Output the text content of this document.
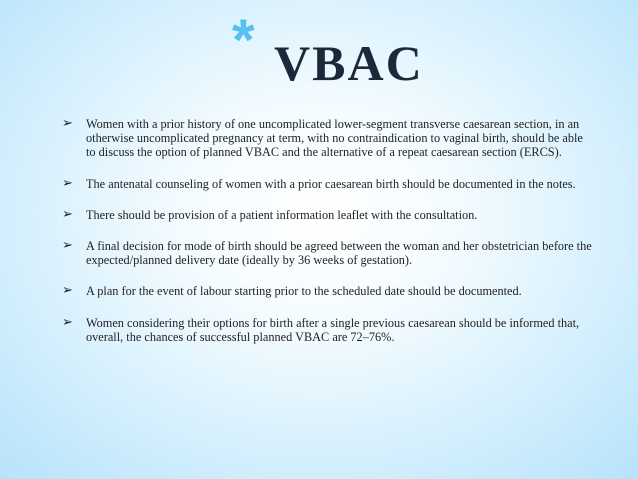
* VBAC
➢ Women with a prior history of one uncomplicated lower-segment transverse caesarean section, in an otherwise uncomplicated pregnancy at term, with no contraindication to vaginal birth, should be able to discuss the option of planned VBAC and the alternative of a repeat caesarean section (ERCS).
➢ The antenatal counseling of women with a prior caesarean birth should be documented in the notes.
➢ There should be provision of a patient information leaflet with the consultation.
➢ A final decision for mode of birth should be agreed between the woman and her obstetrician before the expected/planned delivery date (ideally by 36 weeks of gestation).
➢ A plan for the event of labour starting prior to the scheduled date should be documented.
➢ Women considering their options for birth after a single previous caesarean should be informed that, overall, the chances of successful planned VBAC are 72–76%.
